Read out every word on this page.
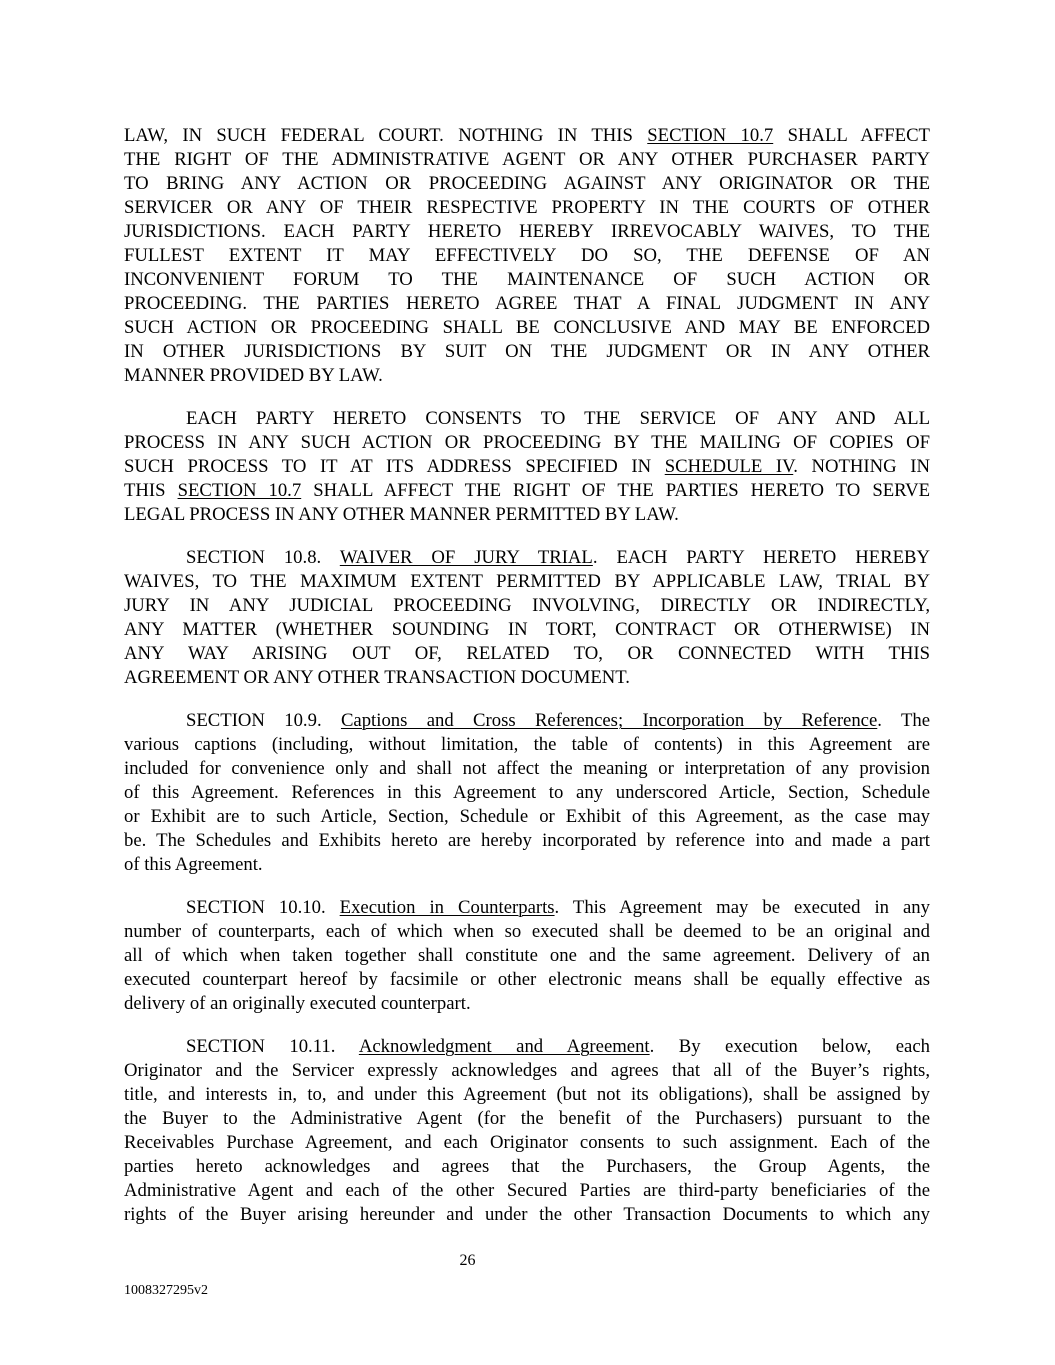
LAW, IN SUCH FEDERAL COURT. NOTHING IN THIS SECTION 10.7 SHALL AFFECT
THE RIGHT OF THE ADMINISTRATIVE AGENT OR ANY OTHER PURCHASER PARTY
TO BRING ANY ACTION OR PROCEEDING AGAINST ANY ORIGINATOR OR THE
SERVICER OR ANY OF THEIR RESPECTIVE PROPERTY IN THE COURTS OF OTHER
JURISDICTIONS. EACH PARTY HERETO HEREBY IRREVOCABLY WAIVES, TO THE
FULLEST EXTENT IT MAY EFFECTIVELY DO SO, THE DEFENSE OF AN
INCONVENIENT FORUM TO THE MAINTENANCE OF SUCH ACTION OR
PROCEEDING. THE PARTIES HERETO AGREE THAT A FINAL JUDGMENT IN ANY
SUCH ACTION OR PROCEEDING SHALL BE CONCLUSIVE AND MAY BE ENFORCED
IN OTHER JURISDICTIONS BY SUIT ON THE JUDGMENT OR IN ANY OTHER
MANNER PROVIDED BY LAW.
EACH PARTY HERETO CONSENTS TO THE SERVICE OF ANY AND ALL
PROCESS IN ANY SUCH ACTION OR PROCEEDING BY THE MAILING OF COPIES OF
SUCH PROCESS TO IT AT ITS ADDRESS SPECIFIED IN SCHEDULE IV. NOTHING IN
THIS SECTION 10.7 SHALL AFFECT THE RIGHT OF THE PARTIES HERETO TO SERVE
LEGAL PROCESS IN ANY OTHER MANNER PERMITTED BY LAW.
SECTION 10.8. WAIVER OF JURY TRIAL. EACH PARTY HERETO HEREBY
WAIVES, TO THE MAXIMUM EXTENT PERMITTED BY APPLICABLE LAW, TRIAL BY
JURY IN ANY JUDICIAL PROCEEDING INVOLVING, DIRECTLY OR INDIRECTLY,
ANY MATTER (WHETHER SOUNDING IN TORT, CONTRACT OR OTHERWISE) IN
ANY WAY ARISING OUT OF, RELATED TO, OR CONNECTED WITH THIS
AGREEMENT OR ANY OTHER TRANSACTION DOCUMENT.
SECTION 10.9. Captions and Cross References; Incorporation by Reference. The
various captions (including, without limitation, the table of contents) in this Agreement are
included for convenience only and shall not affect the meaning or interpretation of any provision
of this Agreement. References in this Agreement to any underscored Article, Section, Schedule
or Exhibit are to such Article, Section, Schedule or Exhibit of this Agreement, as the case may
be. The Schedules and Exhibits hereto are hereby incorporated by reference into and made a part
of this Agreement.
SECTION 10.10. Execution in Counterparts. This Agreement may be executed in any
number of counterparts, each of which when so executed shall be deemed to be an original and
all of which when taken together shall constitute one and the same agreement. Delivery of an
executed counterpart hereof by facsimile or other electronic means shall be equally effective as
delivery of an originally executed counterpart.
SECTION 10.11. Acknowledgment and Agreement. By execution below, each
Originator and the Servicer expressly acknowledges and agrees that all of the Buyer’s rights,
title, and interests in, to, and under this Agreement (but not its obligations), shall be assigned by
the Buyer to the Administrative Agent (for the benefit of the Purchasers) pursuant to the
Receivables Purchase Agreement, and each Originator consents to such assignment. Each of the
parties hereto acknowledges and agrees that the Purchasers, the Group Agents, the
Administrative Agent and each of the other Secured Parties are third-party beneficiaries of the
rights of the Buyer arising hereunder and under the other Transaction Documents to which any
26
1008327295v2
